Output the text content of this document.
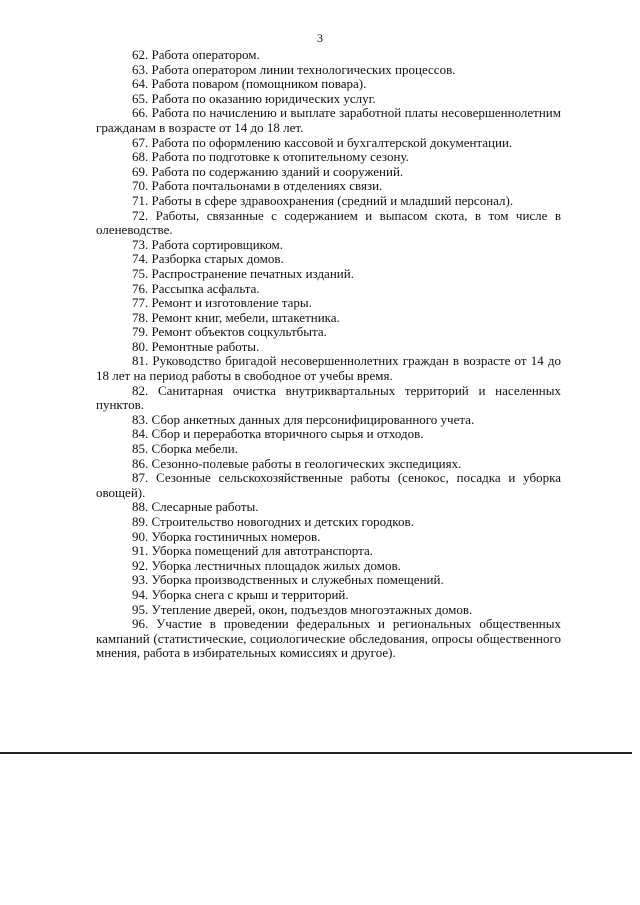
3
62. Работа оператором.
63. Работа оператором линии технологических процессов.
64. Работа поваром (помощником повара).
65. Работа по оказанию юридических услуг.
66. Работа по начислению и выплате заработной платы несовершеннолетним гражданам в возрасте от 14 до 18 лет.
67. Работа по оформлению кассовой и бухгалтерской документации.
68. Работа по подготовке к отопительному сезону.
69. Работа по содержанию зданий и сооружений.
70. Работа почтальонами в отделениях связи.
71. Работы в сфере здравоохранения (средний и младший персонал).
72. Работы, связанные с содержанием и выпасом скота, в том числе в оленеводстве.
73. Работа сортировщиком.
74. Разборка старых домов.
75. Распространение печатных изданий.
76. Рассыпка асфальта.
77. Ремонт и изготовление тары.
78. Ремонт книг, мебели, штакетника.
79. Ремонт объектов соцкультбыта.
80. Ремонтные работы.
81. Руководство бригадой несовершеннолетних граждан в возрасте от 14 до 18 лет на период работы в свободное от учебы время.
82. Санитарная очистка внутриквартальных территорий и населенных пунктов.
83. Сбор анкетных данных для персонифицированного учета.
84. Сбор и переработка вторичного сырья и отходов.
85. Сборка мебели.
86. Сезонно-полевые работы в геологических экспедициях.
87. Сезонные сельскохозяйственные работы (сенокос, посадка и уборка овощей).
88. Слесарные работы.
89. Строительство новогодних и детских городков.
90. Уборка гостиничных номеров.
91. Уборка помещений для автотранспорта.
92. Уборка лестничных площадок жилых домов.
93. Уборка производственных и служебных помещений.
94. Уборка снега с крыш и территорий.
95. Утепление дверей, окон, подъездов многоэтажных домов.
96. Участие в проведении федеральных и региональных общественных кампаний (статистические, социологические обследования, опросы общественного мнения, работа в избирательных комиссиях и другое).
